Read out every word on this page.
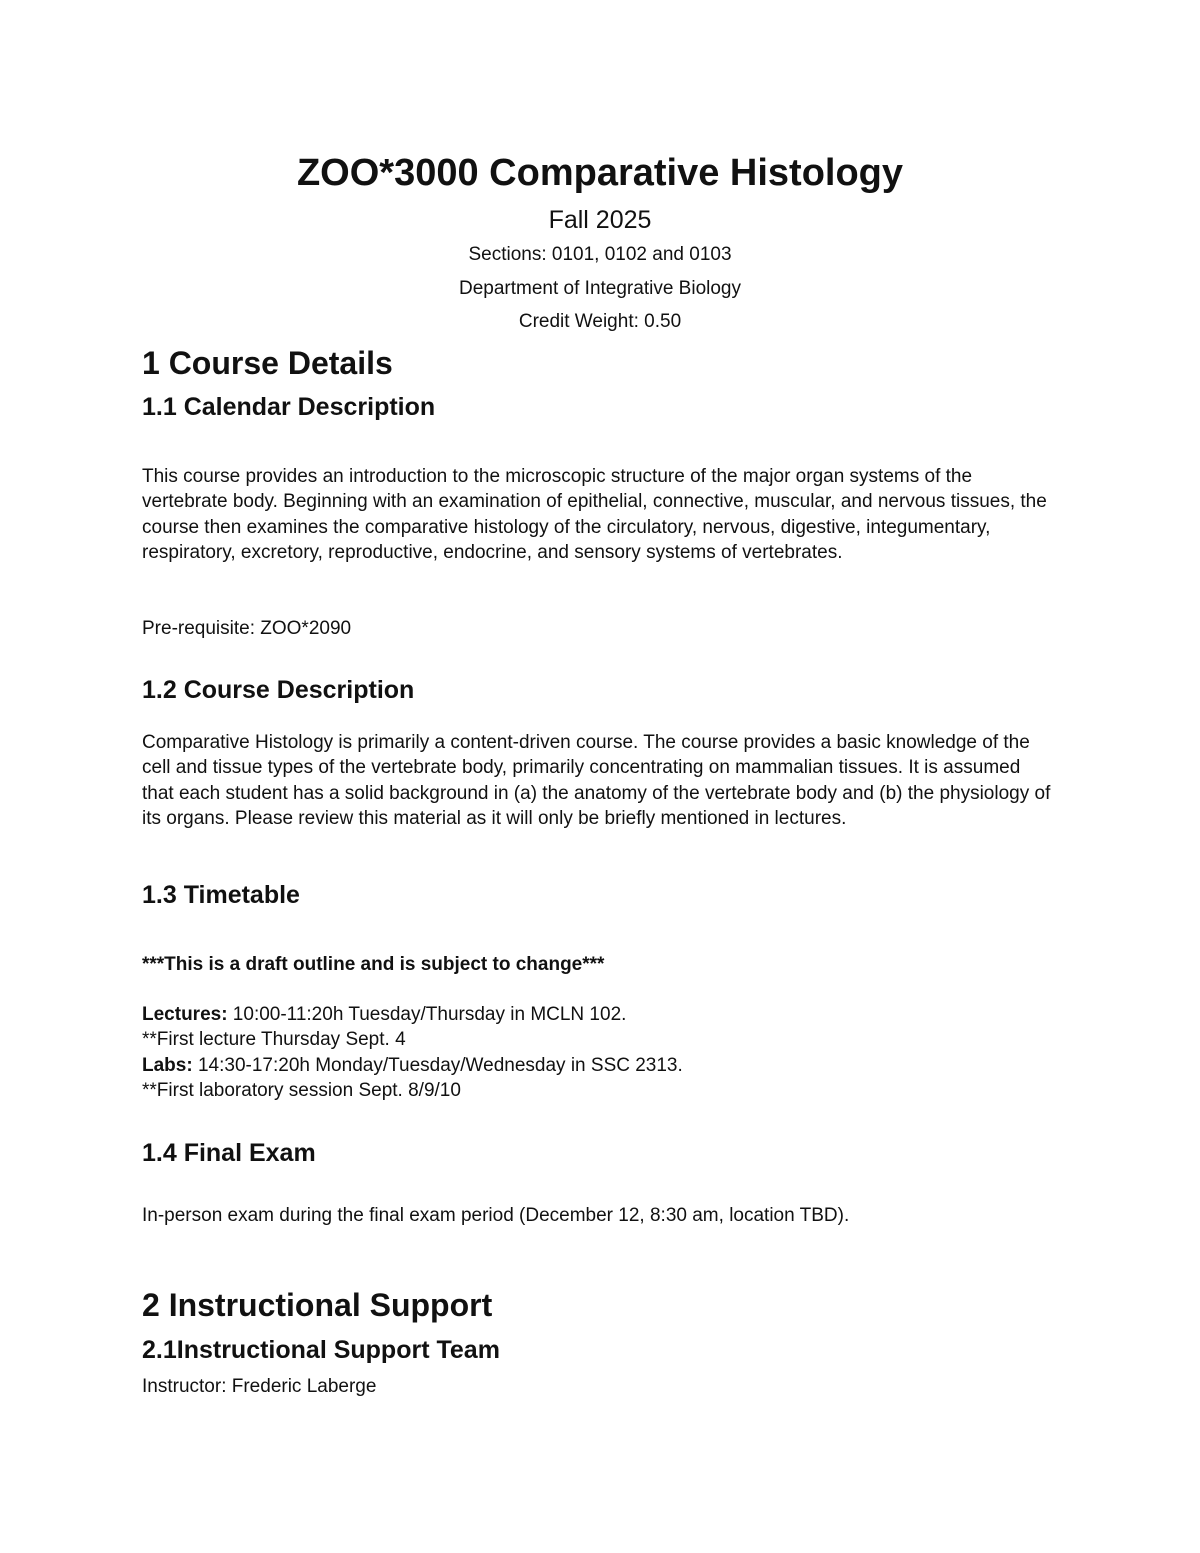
ZOO*3000 Comparative Histology
Fall 2025
Sections: 0101, 0102 and 0103
Department of Integrative Biology
Credit Weight: 0.50
1 Course Details
1.1 Calendar Description

This course provides an introduction to the microscopic structure of the major organ systems of the vertebrate body. Beginning with an examination of epithelial, connective, muscular, and nervous tissues, the course then examines the comparative histology of the circulatory, nervous, digestive, integumentary, respiratory, excretory, reproductive, endocrine, and sensory systems of vertebrates.

Pre-requisite: ZOO*2090

1.2 Course Description

Comparative Histology is primarily a content-driven course. The course provides a basic knowledge of the cell and tissue types of the vertebrate body, primarily concentrating on mammalian tissues. It is assumed that each student has a solid background in (a) the anatomy of the vertebrate body and (b) the physiology of its organs. Please review this material as it will only be briefly mentioned in lectures.

1.3 Timetable

***This is a draft outline and is subject to change***

Lectures: 10:00-11:20h Tuesday/Thursday in MCLN 102.
**First lecture Thursday Sept. 4
Labs: 14:30-17:20h Monday/Tuesday/Wednesday in SSC 2313.
**First laboratory session Sept. 8/9/10
1.4 Final Exam

In-person exam during the final exam period (December 12, 8:30 am, location TBD).

2 Instructional Support
2.1Instructional Support Team

Instructor: Frederic Laberge
